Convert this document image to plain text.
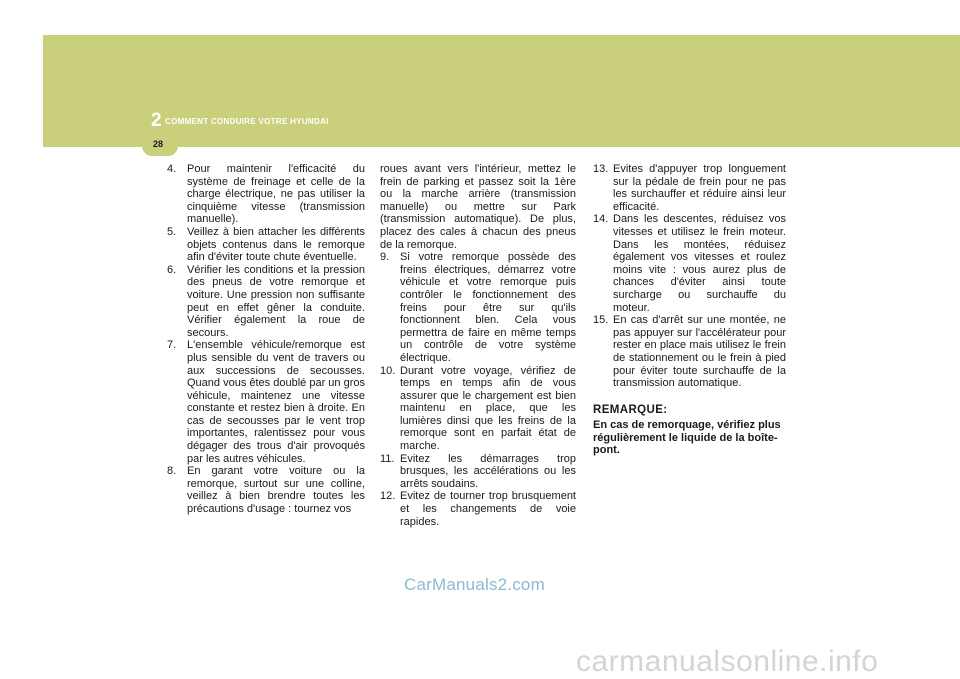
2 COMMENT CONDUIRE VOTRE HYUNDAI
28
4. Pour maintenir l'efficacité du système de freinage et celle de la charge électrique, ne pas utiliser la cinquième vitesse (transmission manuelle).
5. Veillez à bien attacher les différents objets contenus dans le remorque afin d'éviter toute chute éventuelle.
6. Vérifier les conditions et la pression des pneus de votre remorque et voiture. Une pression non suffisante peut en effet gêner la conduite. Vérifier également la roue de secours.
7. L'ensemble véhicule/remorque est plus sensible du vent de travers ou aux successions de secousses. Quand vous êtes doublé par un gros véhicule, maintenez une vitesse constante et restez bien à droite. En cas de secousses par le vent trop importantes, ralentissez pour vous dégager des trous d'air provoqués par les autres véhicules.
8. En garant votre voiture ou la remorque, surtout sur une colline, veillez à bien brendre toutes les précautions d'usage : tournez vos
roues avant vers l'intérieur, mettez le frein de parking et passez soit la 1ère ou la marche arrière (transmission manuelle) ou mettre sur Park (transmission automatique). De plus, placez des cales à chacun des pneus de la remorque.
9. Si votre remorque possède des freins électriques, démarrez votre véhicule et votre remorque puis contrôler le fonctionnement des freins pour être sur qu'ils fonctionnent blen. Cela vous permettra de faire en même temps un contrôle de votre système électrique.
10. Durant votre voyage, vérifiez de temps en temps afin de vous assurer que le chargement est bien maintenu en place, que les lumières dinsi que les freins de la remorque sont en parfait état de marche.
11. Evitez les démarrages trop brusques, les accélérations ou les arrêts soudains.
12. Evitez de tourner trop brusquement et les changements de voie rapides.
13. Evites d'appuyer trop longuement sur la pédale de frein pour ne pas les surchauffer et réduire ainsi leur efficacité.
14. Dans les descentes, réduisez vos vitesses et utilisez le frein moteur. Dans les montées, réduisez également vos vitesses et roulez moins vite : vous aurez plus de chances d'éviter ainsi toute surcharge ou surchauffe du moteur.
15. En cas d'arrêt sur une montée, ne pas appuyer sur l'accélérateur pour rester en place mais utilisez le frein de stationnement ou le frein à pied pour éviter toute surchauffe de la transmission automatique.
REMARQUE:
En cas de remorquage, vérifiez plus régulièrement le liquide de la boîte-pont.
CarManuals2.com
carmanualsonline.info
